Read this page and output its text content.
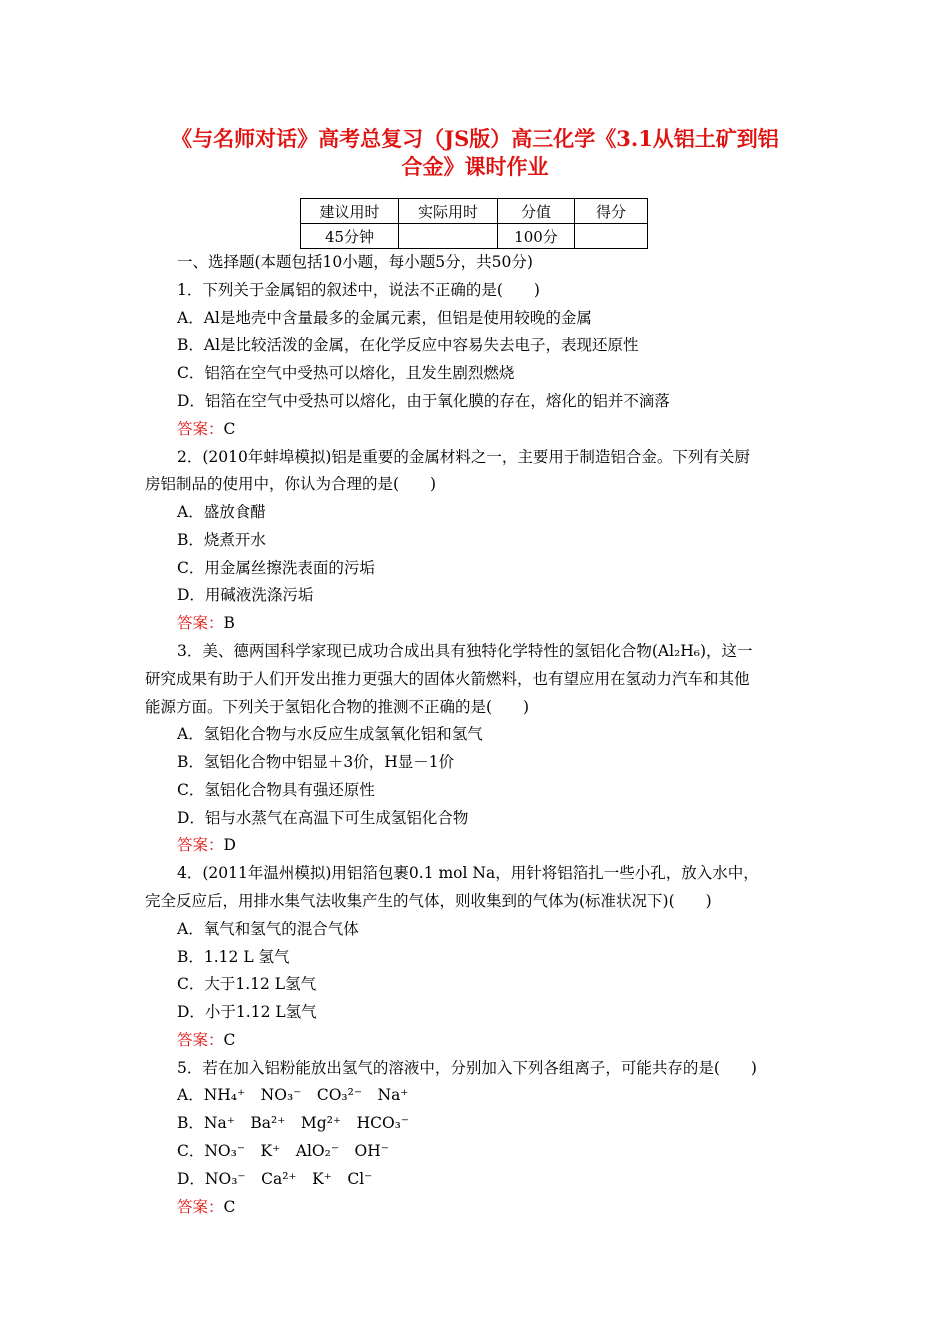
《与名师对话》高考总复习（JS版）高三化学《3.1从铝土矿到铝
合金》课时作业
建议用时	实际用时	分值	得分
45分钟		100分	
一、选择题(本题包括10小题，每小题5分，共50分)
1．下列关于金属铝的叙述中，说法不正确的是(　　)
A．Al是地壳中含量最多的金属元素，但铝是使用较晚的金属
B．Al是比较活泼的金属，在化学反应中容易失去电子，表现还原性
C．铝箔在空气中受热可以熔化，且发生剧烈燃烧
D．铝箔在空气中受热可以熔化，由于氧化膜的存在，熔化的铝并不滴落
答案：C
2．(2010年蚌埠模拟)铝是重要的金属材料之一，主要用于制造铝合金。下列有关厨
房铝制品的使用中，你认为合理的是(　　)
A．盛放食醋
B．烧煮开水
C．用金属丝擦洗表面的污垢
D．用碱液洗涤污垢
答案：B
3．美、德两国科学家现已成功合成出具有独特化学特性的氢铝化合物(Al₂H₆)，这一
研究成果有助于人们开发出推力更强大的固体火箭燃料，也有望应用在氢动力汽车和其他
能源方面。下列关于氢铝化合物的推测不正确的是(　　)
A．氢铝化合物与水反应生成氢氧化铝和氢气
B．氢铝化合物中铝显＋3价，H显－1价
C．氢铝化合物具有强还原性
D．铝与水蒸气在高温下可生成氢铝化合物
答案：D
4．(2011年温州模拟)用铝箔包裹0.1 mol Na，用针将铝箔扎一些小孔，放入水中，
完全反应后，用排水集气法收集产生的气体，则收集到的气体为(标准状况下)(　　)
A．氧气和氢气的混合气体
B．1.12 L 氢气
C．大于1.12 L氢气
D．小于1.12 L氢气
答案：C
5．若在加入铝粉能放出氢气的溶液中，分别加入下列各组离子，可能共存的是(　　)
A．NH₄⁺　NO₃⁻　CO₃²⁻　Na⁺
B．Na⁺　Ba²⁺　Mg²⁺　HCO₃⁻
C．NO₃⁻　K⁺　AlO₂⁻　OH⁻
D．NO₃⁻　Ca²⁺　K⁺　Cl⁻
答案：C
